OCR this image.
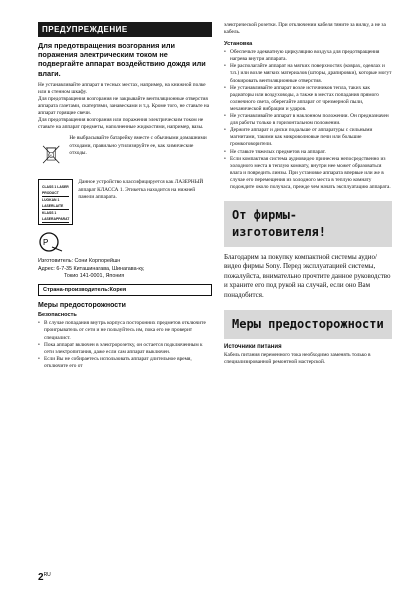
ПРЕДУПРЕЖДЕНИЕ

Для предотвращения возгорания или поражения электрическим током не подвергайте аппарат воздействию дождя или влаги.

Не устанавливайте аппарат в тесных местах, например, на книжной полке или в стенном шкафу.

Для предотвращения возгорания не закрывайте вентиляционные отверстия аппарата газетами, скатертями, занавесками и т.д. Кроме того, не ставьте на аппарат горящие свечи.

Для предотвращения возгорания или поражения электрическим током не ставьте на аппарат предметы, наполненные жидкостями, например, вазы.

NL

Не выбрасывайте батарейку вместе с обычными домашними отходами, правильно утилизируйте ее, как химические отходы.

CLASS 1 LASER PRODUCT
LUOKAN 1 LASERLAITE
KLASS 1 LASERAPPARAT

Данное устройство классифицируется как ЛАЗЕРНЫЙ аппарат КЛАССА 1. Этикетка находится на нижней панели аппарата.

P
Изготовитель: Сони Корпорейшн
Адрес: 6-7-35 Киташинагава, Шинагава-ку,
Токио 141-0001, Япония
Страна-производитель:Корея
Меры предосторожности
Безопасность
• В случае попадания внутрь корпуса посторонних предметов отключите проигрыватель от сети и не пользуйтесь им, пока его не проверит специалист.
• Пока аппарат включен в электророзетку, он остается подключенным к сети электропитания, даже если сам аппарат выключен.
• Если Вы не собираетесь использовать аппарат длительное время, отключите его от

электрической розетки. При отключении кабеля тяните за вилку, а не за кабель.

Установка
• Обеспечьте адекватную циркуляцию воздуха для предотвращения нагрева внутри аппарата.
• Не располагайте аппарат на мягких поверхностях (коврах, одеялах и т.п.) или возле мягких материалов (шторы, драпировки), которые могут блокировать вентиляционные отверстия.
• Не устанавливайте аппарат возле источников тепла, таких как радиаторы или воздуховоды, а также в местах попадания прямого солнечного света, оберегайте аппарат от чрезмерной пыли, механической вибрации и ударов.
• Не устанавливайте аппарат в наклонном положении. Он предназначен для работы только в горизонтальном положении.
• Держите аппарат и диски подальше от аппаратуры с сильными магнитами, такими как микроволновые печи или большие громкоговорители.
• Не ставьте тяжелых предметов на аппарат.
• Если компактная система аудиовидео принесена непосредственно из холодного места в теплую комнату, внутри нее может образоваться влага и повредить линзы. При установке аппарата впервые или же в случае его перемещения из холодного места в теплую комнату подождите около получаса, прежде чем начать эксплуатацию аппарата.
От фирмы-изготовителя!

Благодарим за покупку компактной системы аудио/видео фирмы Sony. Перед эксплуатацией системы, пожалуйста, внимательно прочтите данное руководство и храните его под рукой на случай, если оно Вам понадобится.

Меры предосторожности
Источники питания

Кабель питания переменного тока необходимо заменять только в специализированной ремонтной мастерской.

$2^{RU}$
